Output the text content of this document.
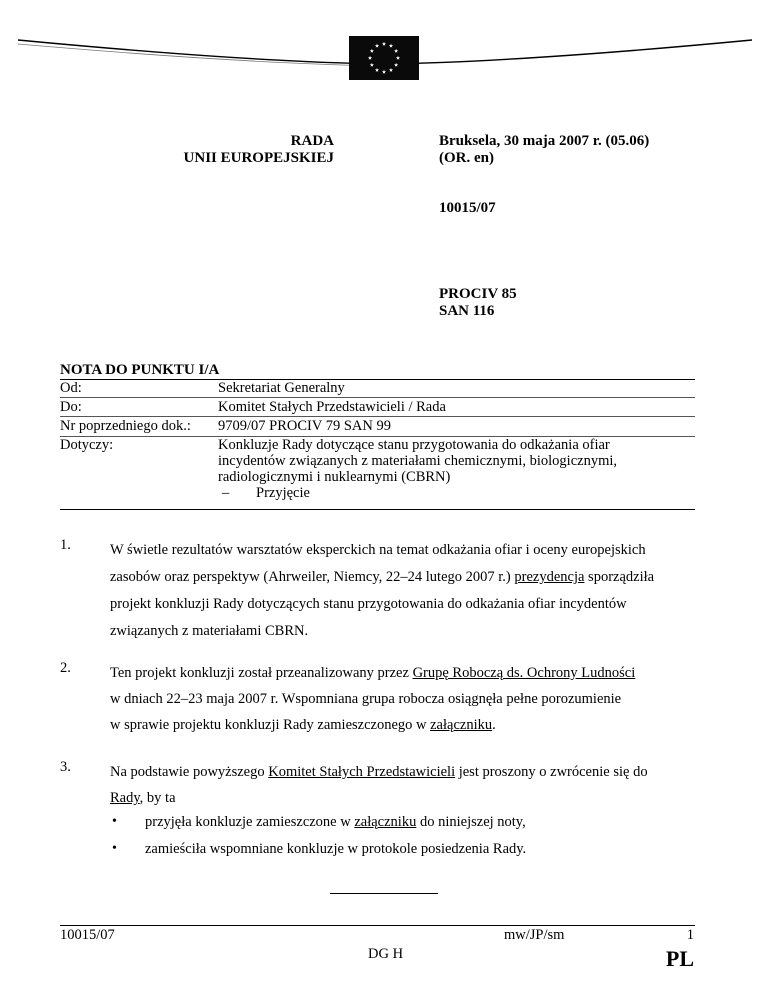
RADA
UNII EUROPEJSKIEJ
Bruksela, 30 maja 2007 r. (05.06)
(OR. en)
10015/07
PROCIV 85
SAN 116
NOTA DO PUNKTU I/A
Od:	Sekretariat Generalny
Do:	Komitet Stałych Przedstawicieli / Rada
Nr poprzedniego dok.: 9709/07 PROCIV 79 SAN 99
Dotyczy:	Konkluzje Rady dotyczące stanu przygotowania do odkażania ofiar
incydentów związanych z materiałami chemicznymi, biologicznymi,
radiologicznymi i nuklearnymi (CBRN)
– Przyjęcie
1.	W świetle rezultatów warsztatów eksperckich na temat odkażania ofiar i oceny europejskich
zasobów oraz perspektyw (Ahrweiler, Niemcy, 22–24 lutego 2007 r.) prezydencja sporządziła
projekt konkluzji Rady dotyczących stanu przygotowania do odkażania ofiar incydentów
związanych z materiałami CBRN.
2.	Ten projekt konkluzji został przeanalizowany przez Grupę Roboczą ds. Ochrony Ludności
w dniach 22–23 maja 2007 r. Wspomniana grupa robocza osiągnęła pełne porozumienie
w sprawie projektu konkluzji Rady zamieszczonego w załączniku.
3.	Na podstawie powyższego Komitet Stałych Przedstawicieli jest proszony o zwrócenie się do
Rady, by ta
• przyjęła konkluzje zamieszczone w załączniku do niniejszej noty,
• zamieściła wspomniane konkluzje w protokole posiedzenia Rady.
10015/07	mw/JP/sm	1
DG H	PL
